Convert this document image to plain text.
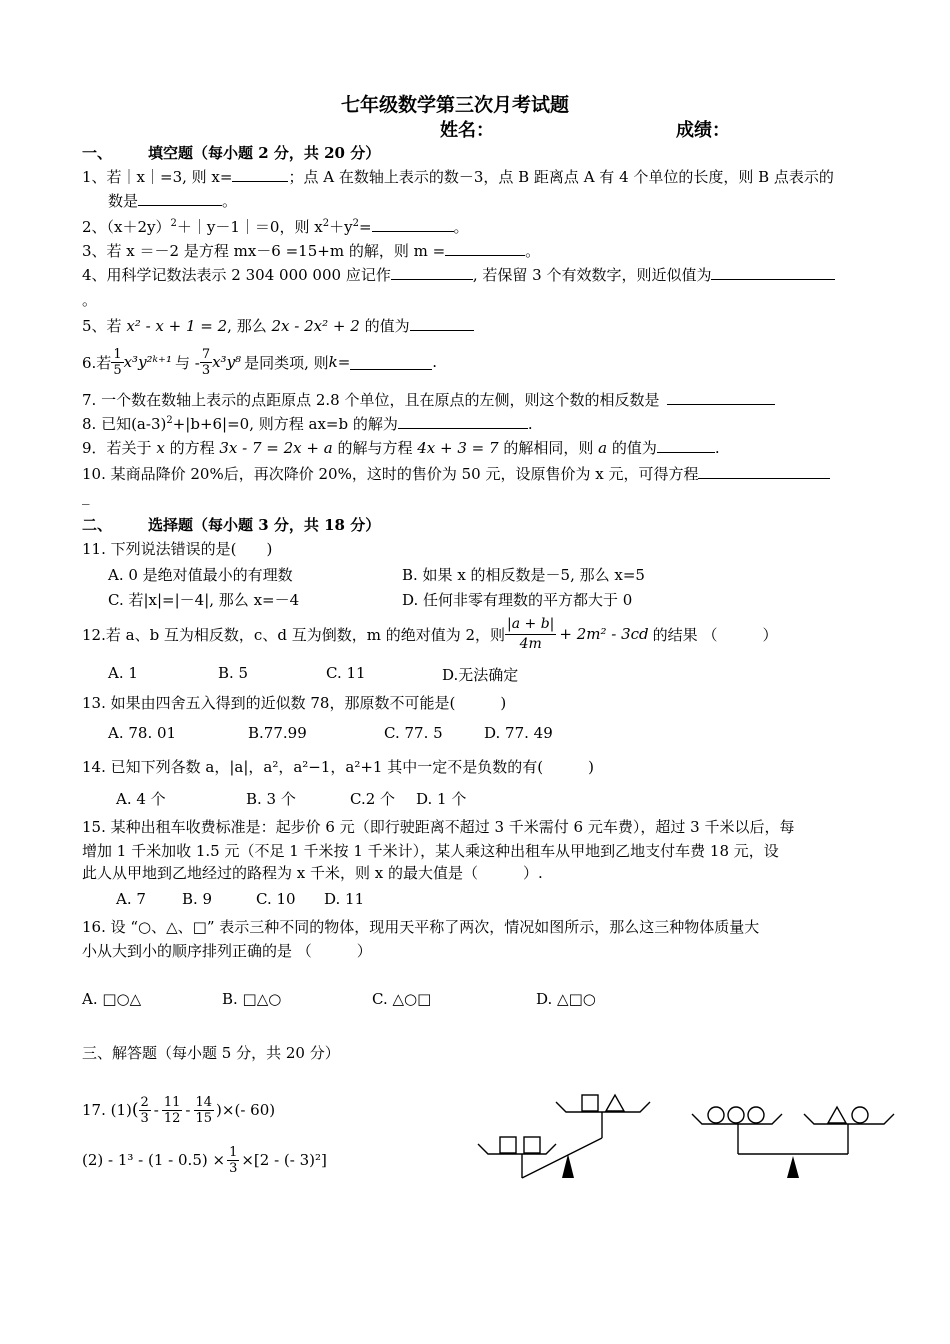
七年级数学第三次月考试题
姓名：	成绩：
一、 填空题（每小题 2 分，共 20 分）
1、若｜x｜=3, 则 x=	；点 A 在数轴上表示的数－3，点 B 距离点 A 有 4 个单位的长度，则 B 点表示的
数是	。
2、$(x+2y)^2+|y-1|=0$，则 $x^2+y^2=$	。
3、若 x ＝－2 是方程 mx－6 =15+m 的解，则 m =	。
4、用科学记数法表示 2 304 000 000 应记作	, 若保留 3 个有效数字，则近似值为
。
5、若 x² - x + 1 = 2, 那么 2x - 2x² + 2 的值为
6.若 $\frac{1}{5}$ x³y²ᵏ⁺¹ 与 - $\frac{7}{3} x^3y^8$ 是同类项, 则 k =	.
7. 一个数在数轴上表示的点距原点 2.8 个单位，且在原点的左侧，则这个数的相反数是
8. 已知$(a-3)^2+|b+6|=0$, 则方程 ax=b 的解为	.
9．若关于 x 的方程 3x - 7 = 2x + a 的解与方程 4x + 3 = 7 的解相同，则 a 的值为	.
10. 某商品降价 20%后，再次降价 20%，这时的售价为 50 元，设原售价为 x 元，可得方程
_
二、 选择题（每小题 3 分，共 18 分）
11. 下列说法错误的是(　　)
A. 0 是绝对值最小的有理数	B. 如果 x 的相反数是－5, 那么 x=5
C. 若|x|=|－4|, 那么 x=－4	D. 任何非零有理数的平方都大于 0
12.若 a、b 互为相反数，c、d 互为倒数，m 的绝对值为 2，则 $\frac{|a + b|}{4m} + 2m^2 - 3cd$ 的结果 （　　　）
A. 1	B. 5	C. 11	D.无法确定
13. 如果由四舍五入得到的近似数 78，那原数不可能是(　　　)
A. 78. 01	B.77.99	C. 77. 5	D. 77. 49
14. 已知下列各数 a，|a|，a²，a²−1，a²+1 其中一定不是负数的有(　　　)
A. 4 个	B. 3 个	C.2 个 D. 1 个
15. 某种出租车收费标准是：起步价 6 元（即行驶距离不超过 3 千米需付 6 元车费），超过 3 千米以后，每
增加 1 千米加收 1.5 元（不足 1 千米按 1 千米计），某人乘这种出租车从甲地到乙地支付车费 18 元，设
此人从甲地到乙地经过的路程为 x 千米，则 x 的最大值是（　　　）.
A. 7 B. 9	C. 10 D. 11
16. 设 “○、△、□” 表示三种不同的物体，现用天平称了两次，情况如图所示，那么这三种物体质量大
小从大到小的顺序排列正确的是 （　　　）
A. □○△	B. □△○	C. △○□	D. △□○
三、解答题（每小题 5 分，共 20 分）
17. (1) ( $\frac{2}{3} - \frac{11}{12} - \frac{14}{15}$ )×(- 60)
$(2) - 1^3 - (1 - 0.5) \times \frac{1}{3} \times[2$ - (- 3)²]
